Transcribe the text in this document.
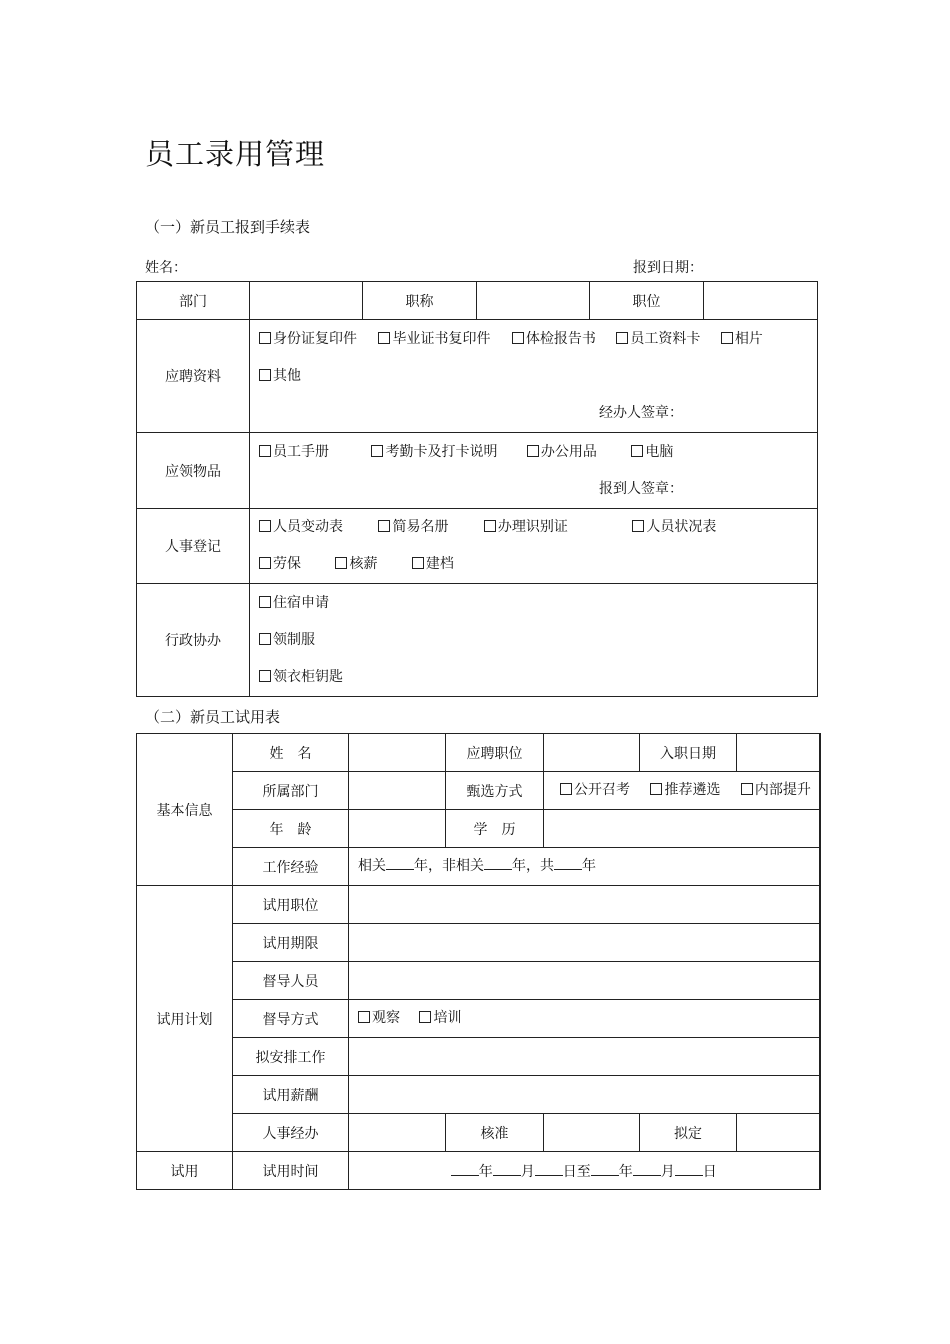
员工录用管理
（一）新员工报到手续表
姓名：	报到日期：
部门		职称		职位	
应聘资料	身份证复印件 毕业证书复印件 体检报告书 员工资料卡 相片
其他
经办人签章：				

应领物品	员工手册 考勤卡及打卡说明 办公用品 电脑
报到人签章：				

人事登记	人员变动表 简易名册 办理识别证 人员状况表
劳保 核薪 建档				

行政协办	住宿申请
领制服
领衣柜钥匙				
（二）新员工试用表
基本信息	姓　名		应聘职位		入职日期	
	所属部门		甄选方式	公开召考 推荐遴选 内部提升		

	年　龄		学　历			
	工作经验	相关 年，非相关 年，共 年				

试用计划	试用职位					
	试用期限					
	督导人员					
	督导方式	观察 培训				

	拟安排工作					
	试用薪酬					
	人事经办		核准		拟定	
试用	试用时间	年 月 日至 年 月 日				
